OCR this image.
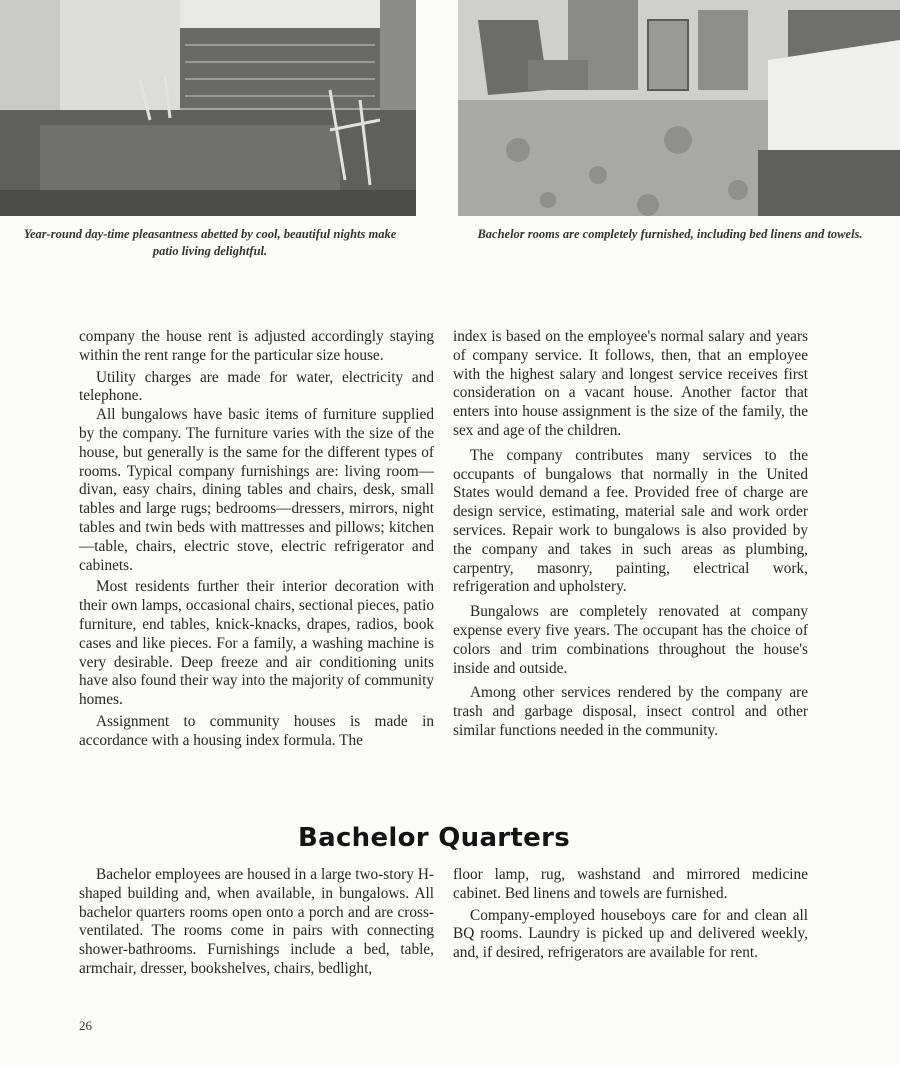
Year-round day-time pleasantness abetted by cool, beautiful nights make patio living delightful.
Bachelor rooms are completely furnished, including bed linens and towels.

company the house rent is adjusted accordingly staying within the rent range for the particular size house.

Utility charges are made for water, electricity and telephone.

All bungalows have basic items of furniture supplied by the company. The furniture varies with the size of the house, but generally is the same for the different types of rooms. Typical company furnishings are: living room—divan, easy chairs, dining tables and chairs, desk, small tables and large rugs; bedrooms—dressers, mirrors, night tables and twin beds with mattresses and pillows; kitchen—table, chairs, electric stove, electric refrigerator and cabinets.

Most residents further their interior decoration with their own lamps, occasional chairs, sectional pieces, patio furniture, end tables, knick-knacks, drapes, radios, book cases and like pieces. For a family, a washing machine is very desirable. Deep freeze and air conditioning units have also found their way into the majority of community homes.

Assignment to community houses is made in accordance with a housing index formula. The

index is based on the employee's normal salary and years of company service. It follows, then, that an employee with the highest salary and longest service receives first consideration on a vacant house. Another factor that enters into house assignment is the size of the family, the sex and age of the children.

The company contributes many services to the occupants of bungalows that normally in the United States would demand a fee. Provided free of charge are design service, estimating, material sale and work order services. Repair work to bungalows is also provided by the company and takes in such areas as plumbing, carpentry, masonry, painting, electrical work, refrigeration and upholstery.

Bungalows are completely renovated at company expense every five years. The occupant has the choice of colors and trim combinations throughout the house's inside and outside.

Among other services rendered by the company are trash and garbage disposal, insect control and other similar functions needed in the community.

Bachelor Quarters

Bachelor employees are housed in a large two-story H-shaped building and, when available, in bungalows. All bachelor quarters rooms open onto a porch and are cross-ventilated. The rooms come in pairs with connecting shower-bathrooms. Furnishings include a bed, table, armchair, dresser, bookshelves, chairs, bedlight,

floor lamp, rug, washstand and mirrored medicine cabinet. Bed linens and towels are furnished.

Company-employed houseboys care for and clean all BQ rooms. Laundry is picked up and delivered weekly, and, if desired, refrigerators are available for rent.

26
